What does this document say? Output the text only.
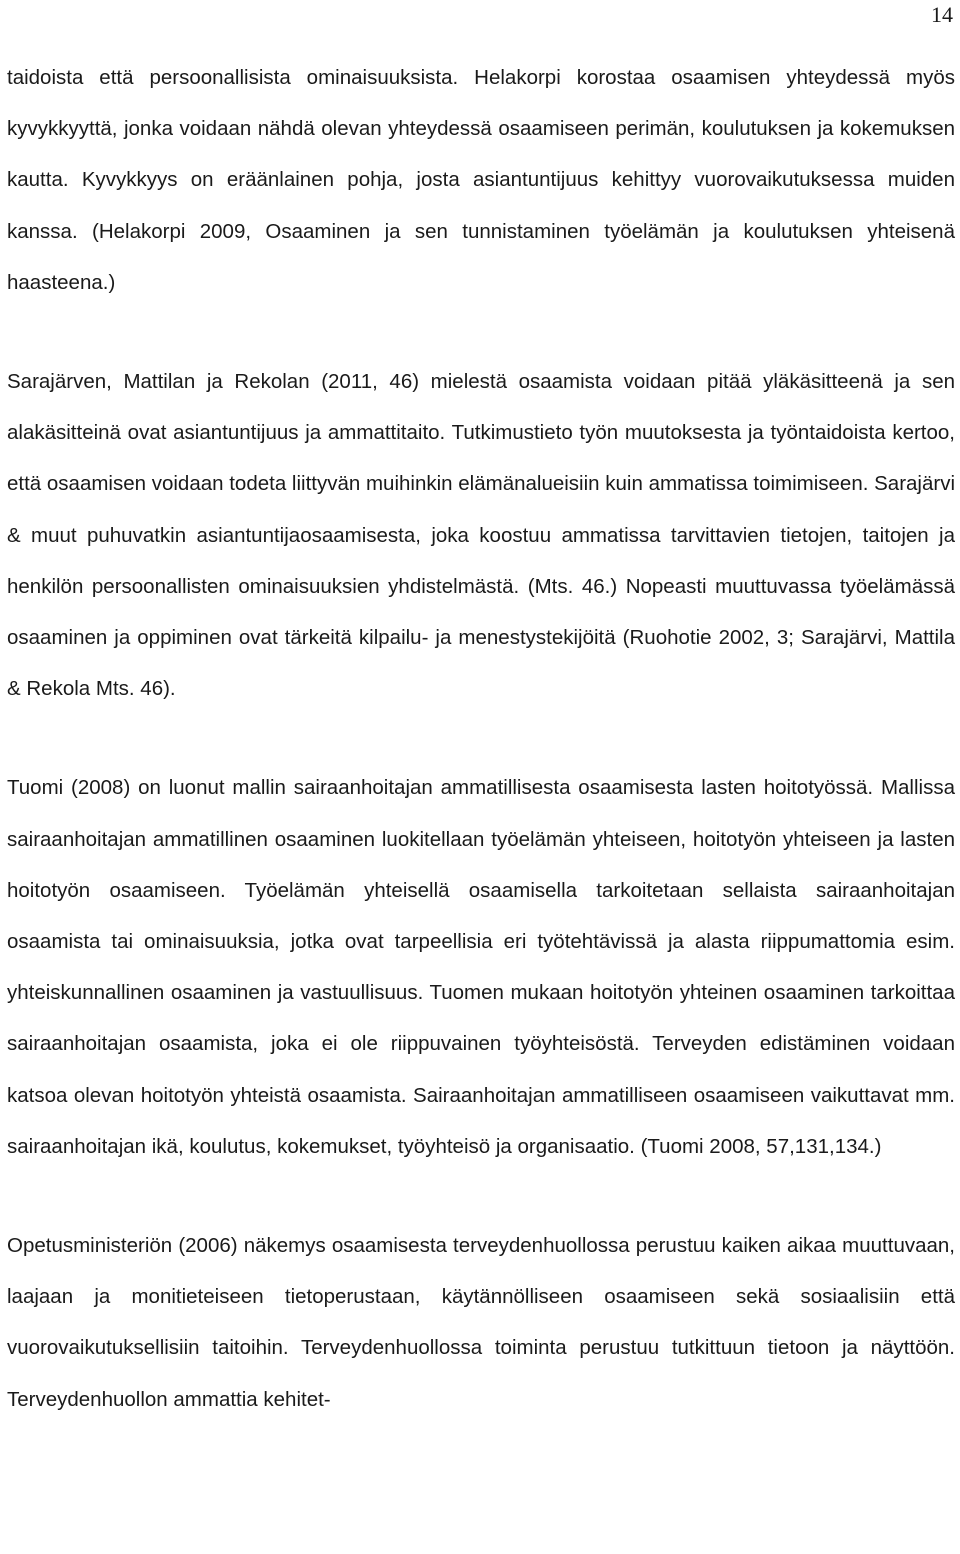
14

taidoista että persoonallisista ominaisuuksista. Helakorpi korostaa osaamisen yhteydessä myös kyvykkyyttä, jonka voidaan nähdä olevan yhteydessä osaamiseen perimän, koulutuksen ja kokemuksen kautta. Kyvykkyys on eräänlainen pohja, josta asiantuntijuus kehittyy vuorovaikutuksessa muiden kanssa. (Helakorpi 2009, Osaaminen ja sen tunnistaminen työelämän ja koulutuksen yhteisenä haasteena.)

Sarajärven, Mattilan ja Rekolan (2011, 46) mielestä osaamista voidaan pitää yläkäsitteenä ja sen alakäsitteinä ovat asiantuntijuus ja ammattitaito. Tutkimustieto työn muutoksesta ja työntaidoista kertoo, että osaamisen voidaan todeta liittyvän muihinkin elämänalueisiin kuin ammatissa toimimiseen. Sarajärvi & muut puhuvatkin asiantuntijaosaamisesta, joka koostuu ammatissa tarvittavien tietojen, taitojen ja henkilön persoonallisten ominaisuuksien yhdistelmästä. (Mts. 46.) Nopeasti muuttuvassa työelämässä osaaminen ja oppiminen ovat tärkeitä kilpailu- ja menestystekijöitä (Ruohotie 2002, 3; Sarajärvi, Mattila & Rekola Mts. 46).

Tuomi (2008) on luonut mallin sairaanhoitajan ammatillisesta osaamisesta lasten hoitotyössä. Mallissa sairaanhoitajan ammatillinen osaaminen luokitellaan työelämän yhteiseen, hoitotyön yhteiseen ja lasten hoitotyön osaamiseen. Työelämän yhteisellä osaamisella tarkoitetaan sellaista sairaanhoitajan osaamista tai ominaisuuksia, jotka ovat tarpeellisia eri työtehtävissä ja alasta riippumattomia esim. yhteiskunnallinen osaaminen ja vastuullisuus. Tuomen mukaan hoitotyön yhteinen osaaminen tarkoittaa sairaanhoitajan osaamista, joka ei ole riippuvainen työyhteisöstä. Terveyden edistäminen voidaan katsoa olevan hoitotyön yhteistä osaamista. Sairaanhoitajan ammatilliseen osaamiseen vaikuttavat mm. sairaanhoitajan ikä, koulutus, kokemukset, työyhteisö ja organisaatio. (Tuomi 2008, 57,131,134.)

Opetusministeriön (2006) näkemys osaamisesta terveydenhuollossa perustuu kaiken aikaa muuttuvaan, laajaan ja monitieteiseen tietoperustaan, käytännölliseen osaamiseen sekä sosiaalisiin että vuorovaikutuksellisiin taitoihin. Terveydenhuollossa toiminta perustuu tutkittuun tietoon ja näyttöön. Terveydenhuollon ammattia kehitet-
